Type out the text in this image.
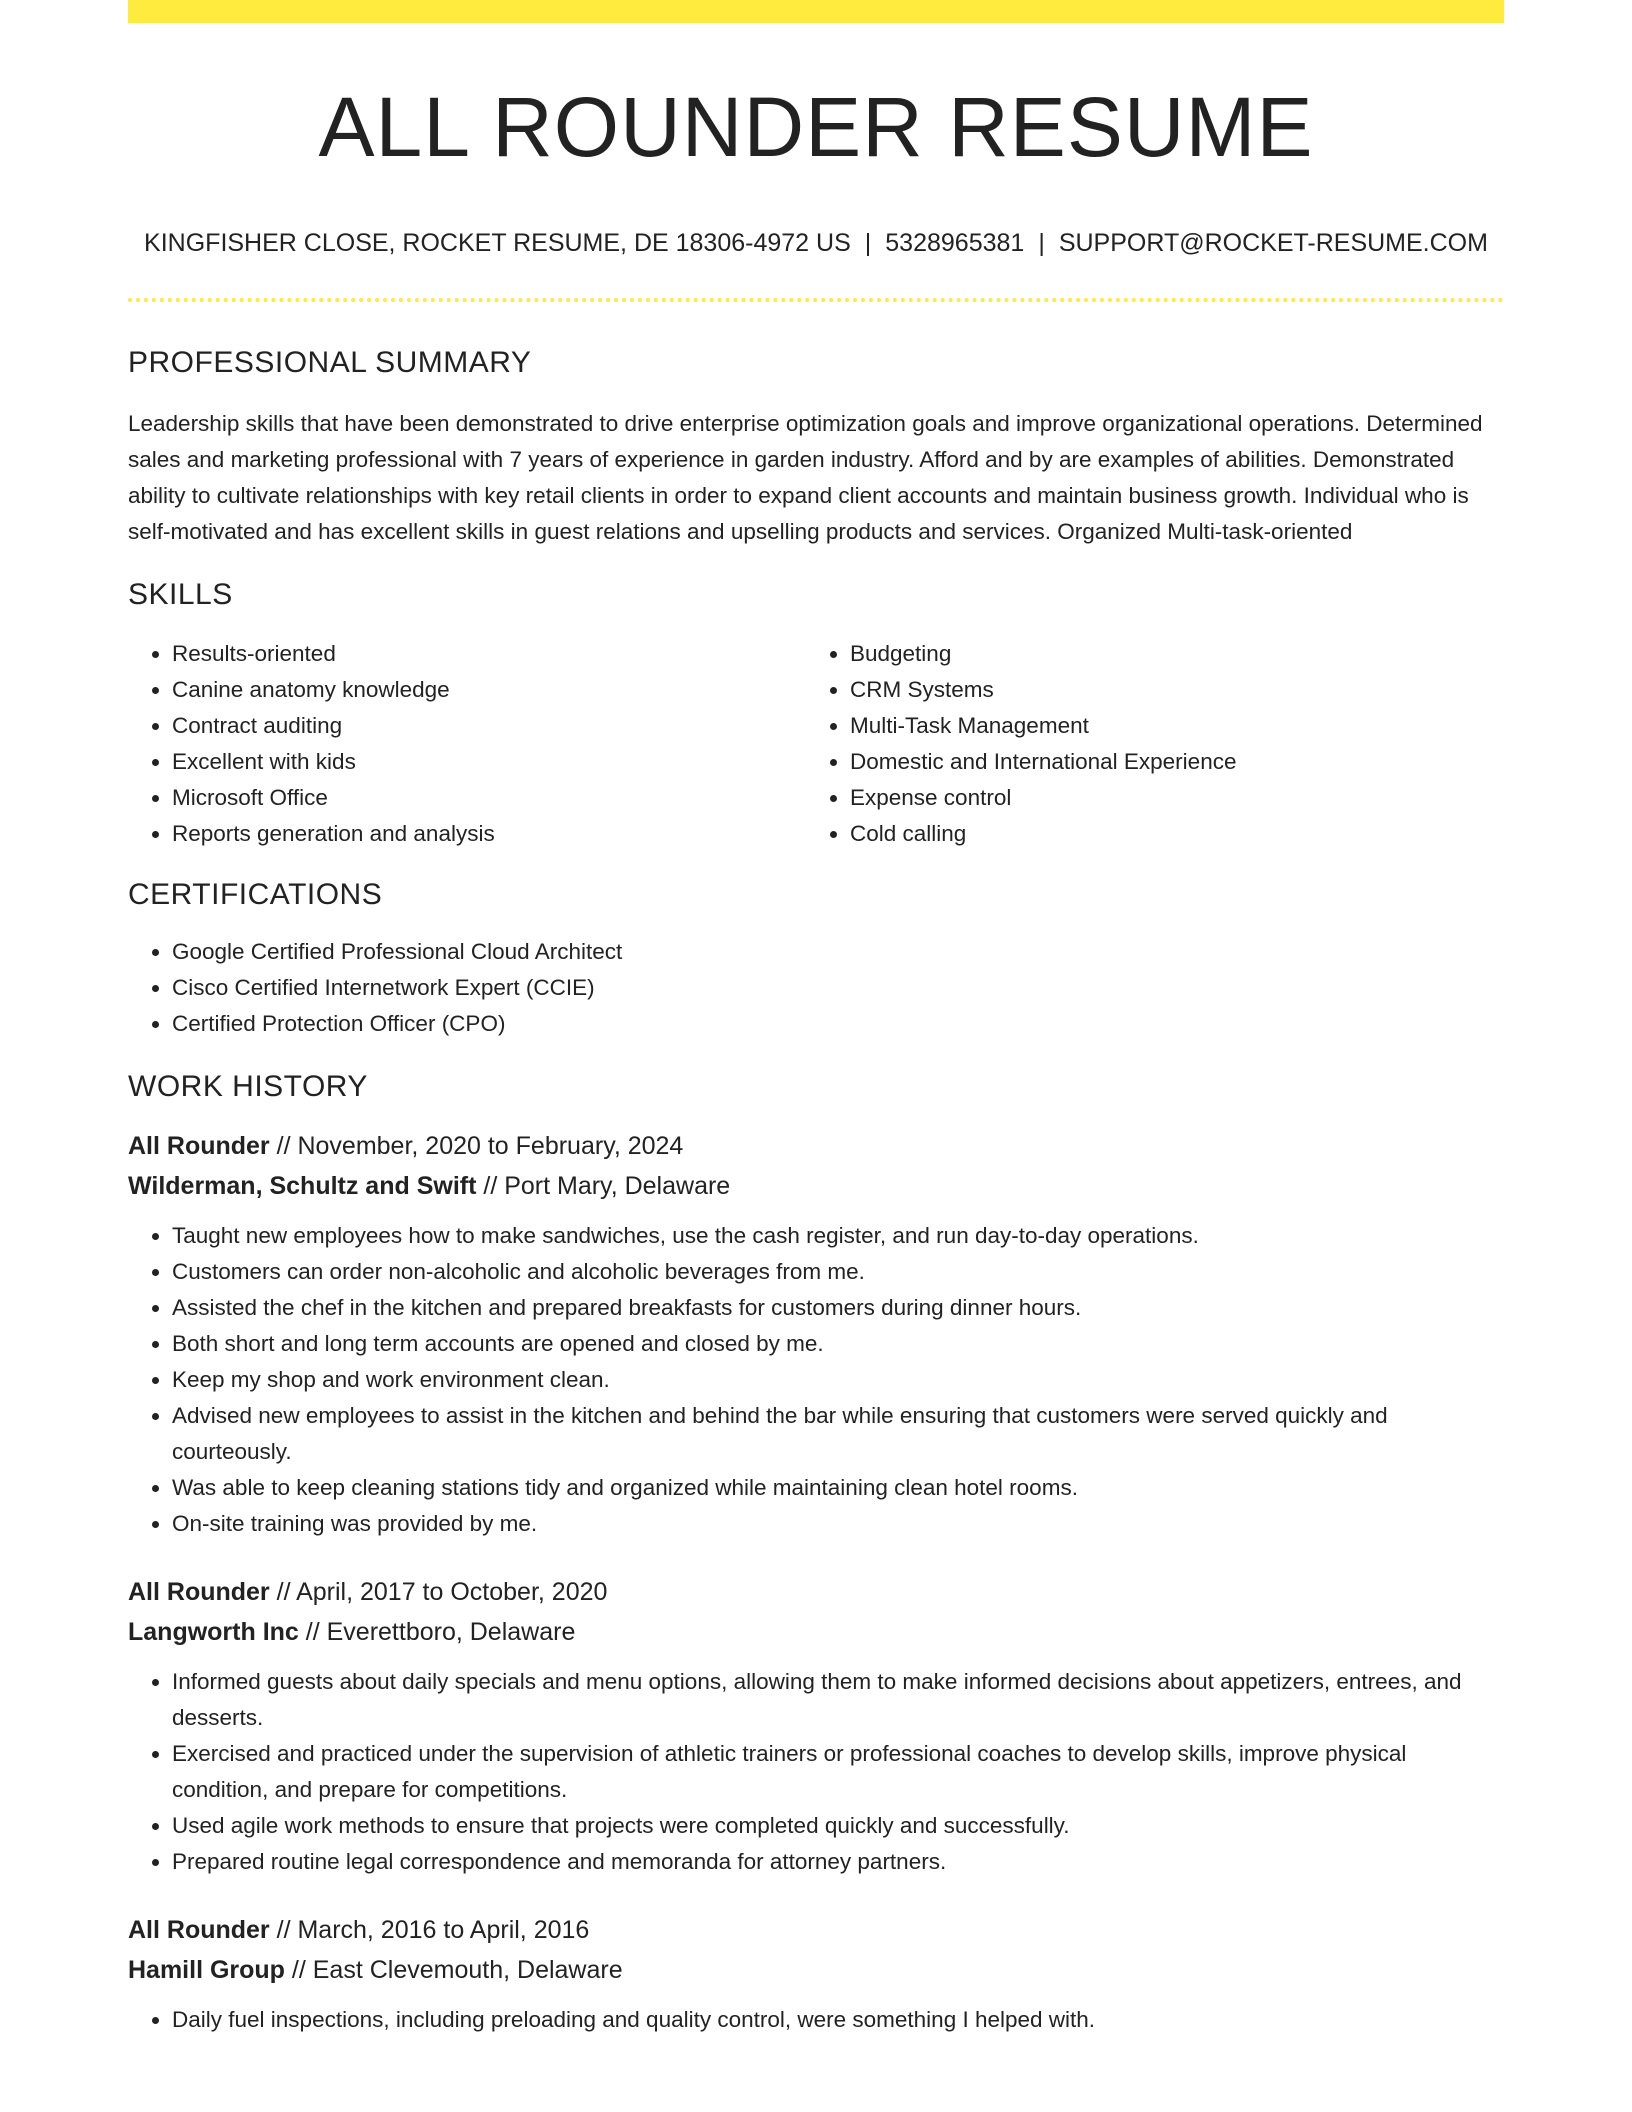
ALL ROUNDER RESUME
KINGFISHER CLOSE, ROCKET RESUME, DE 18306-4972 US | 5328965381 | SUPPORT@ROCKET-RESUME.COM
PROFESSIONAL SUMMARY

Leadership skills that have been demonstrated to drive enterprise optimization goals and improve organizational operations. Determined sales and marketing professional with 7 years of experience in garden industry. Afford and by are examples of abilities. Demonstrated ability to cultivate relationships with key retail clients in order to expand client accounts and maintain business growth. Individual who is self-motivated and has excellent skills in guest relations and upselling products and services. Organized Multi-task-oriented

SKILLS
• Results-oriented
• Canine anatomy knowledge
• Contract auditing
• Excellent with kids
• Microsoft Office
• Reports generation and analysis
• Budgeting
• CRM Systems
• Multi-Task Management
• Domestic and International Experience
• Expense control
• Cold calling
CERTIFICATIONS
• Google Certified Professional Cloud Architect
• Cisco Certified Internetwork Expert (CCIE)
• Certified Protection Officer (CPO)
WORK HISTORY
All Rounder // November, 2020 to February, 2024
Wilderman, Schultz and Swift // Port Mary, Delaware
• Taught new employees how to make sandwiches, use the cash register, and run day-to-day operations.
• Customers can order non-alcoholic and alcoholic beverages from me.
• Assisted the chef in the kitchen and prepared breakfasts for customers during dinner hours.
• Both short and long term accounts are opened and closed by me.
• Keep my shop and work environment clean.
• Advised new employees to assist in the kitchen and behind the bar while ensuring that customers were served quickly and courteously.
• Was able to keep cleaning stations tidy and organized while maintaining clean hotel rooms.
• On-site training was provided by me.
All Rounder // April, 2017 to October, 2020
Langworth Inc // Everettboro, Delaware
• Informed guests about daily specials and menu options, allowing them to make informed decisions about appetizers, entrees, and desserts.
• Exercised and practiced under the supervision of athletic trainers or professional coaches to develop skills, improve physical condition, and prepare for competitions.
• Used agile work methods to ensure that projects were completed quickly and successfully.
• Prepared routine legal correspondence and memoranda for attorney partners.
All Rounder // March, 2016 to April, 2016
Hamill Group // East Clevemouth, Delaware
• Daily fuel inspections, including preloading and quality control, were something I helped with.
